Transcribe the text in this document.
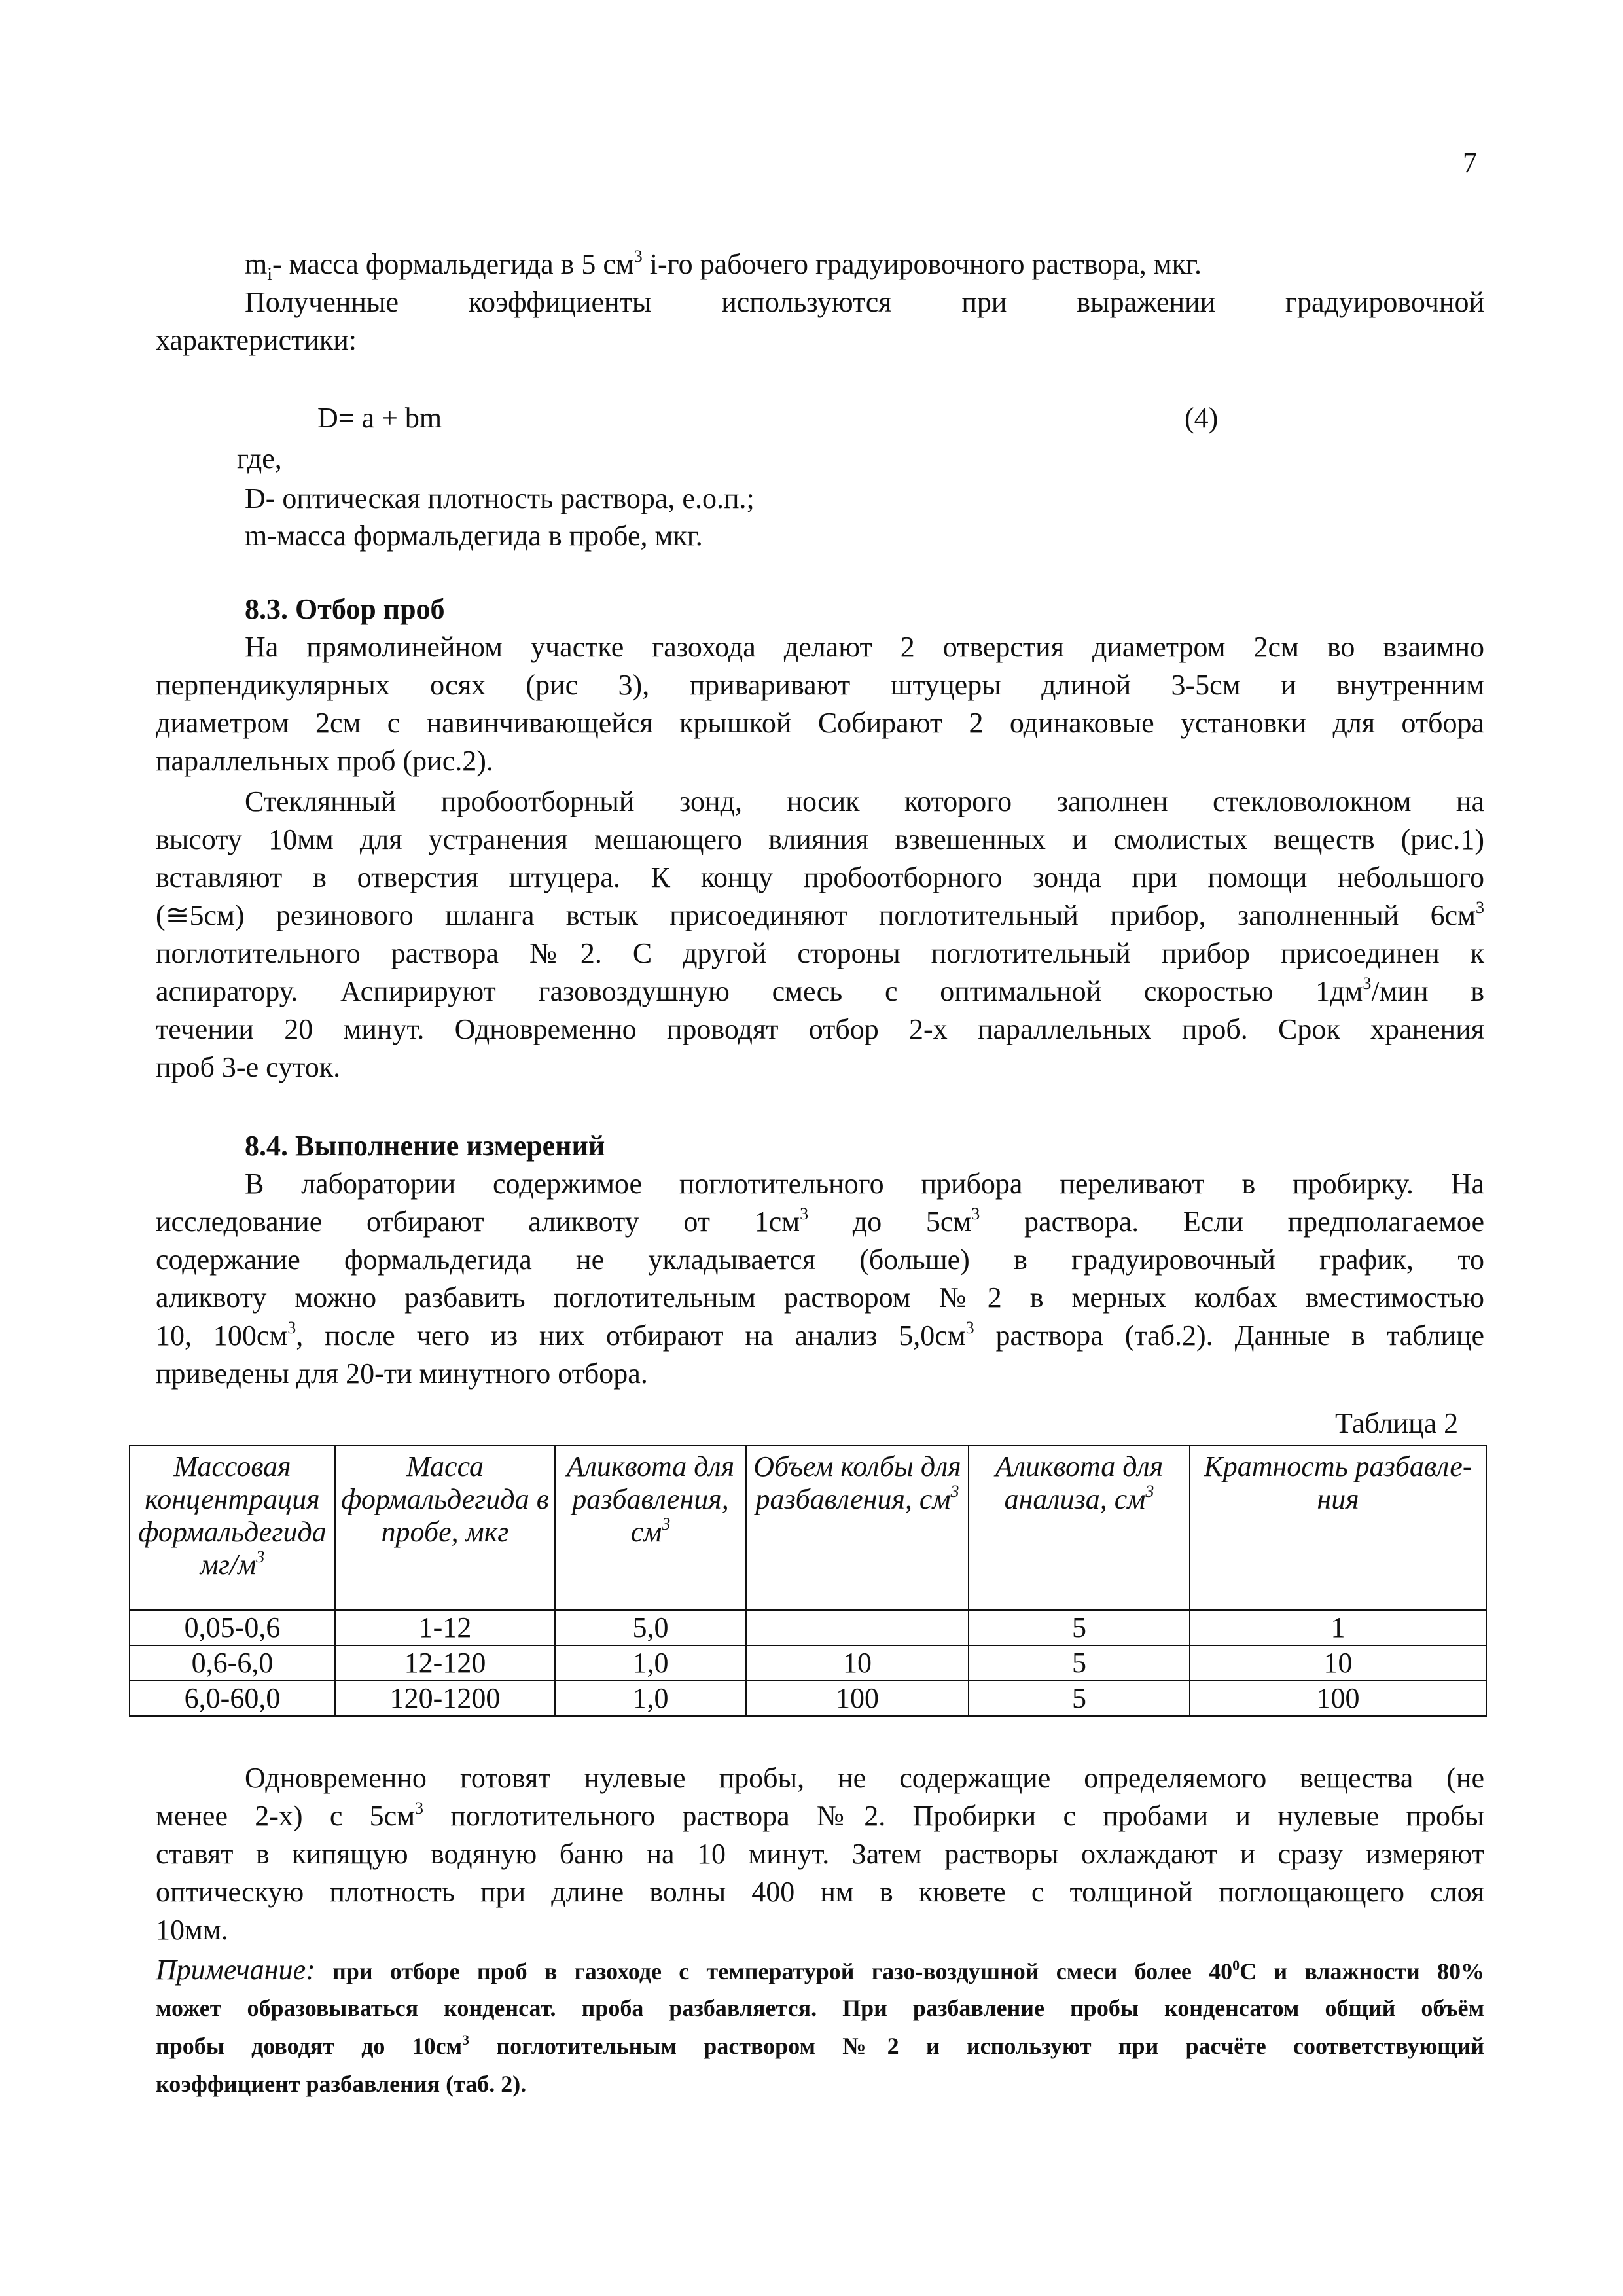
7
$m_i-$ масса формальдегида в 5 $см^3$ i-го рабочего градуировочного раствора, мкг.
Полученные коэффициенты используются при выражении градуировочной
характеристики:
D= a + bm	(4)
где,
D- оптическая плотность раствора, е.о.п.;
m-масса формальдегида в пробе, мкг.
8.3. Отбор проб
На прямолинейном участке газохода делают 2 отверстия диаметром 2см во взаимно
перпендикулярных осях (рис 3), приваривают штуцеры длиной 3-5см и внутренним
диаметром 2см с навинчивающейся крышкой Собирают 2 одинаковые установки для отбора
параллельных проб (рис.2).
Стеклянный пробоотборный зонд, носик которого заполнен стекловолокном на
высоту 10мм для устранения мешающего влияния взвешенных и смолистых веществ (рис.1)
вставляют в отверстия штуцера. К концу пробоотборного зонда при помощи небольшого
(≅5см) резинового шланга встык присоединяют поглотительный прибор, заполненный $6см^3$
поглотительного раствора №2. С другой стороны поглотительный прибор присоединен к
аспиратору. Аспирируют газовоздушную смесь с оптимальной скоростью $1дм^3$/мин в
течении 20 минут. Одновременно проводят отбор 2-х параллельных проб. Срок хранения
проб 3-е суток.
8.4. Выполнение измерений
В лаборатории содержимое поглотительного прибора переливают в пробирку. На
исследование отбирают аликвоту от $1см^3$ до $5см^3$ раствора. Если предполагаемое
содержание формальдегида не укладывается (больше) в градуировочный график, то
аликвоту можно разбавить поглотительным раствором №2 в мерных колбах вместимостью
10, $100см^3$, после чего из них отбирают на анализ $5,0см^3$ раствора (таб.2). Данные в таблице
приведены для 20-ти минутного отбора.
Таблица 2
Массовая концентрация формальдегида $мг/м^3$	Масса формальдегида в пробе, мкг	Аликвота для разбавления, $см^3$	Объем колбы для разбавления, $см^3$	Аликвота для анализа, $см^3$	Кратность разбавле-ния
0,05-0,6	1-12	5,0		5	1
0,6-6,0	12-120	1,0	10	5	10
6,0-60,0	120-1200	1,0	100	5	100
Одновременно готовят нулевые пробы, не содержащие определяемого вещества (не
менее 2-х) с $5см^3$ поглотительного раствора №2. Пробирки с пробами и нулевые пробы
ставят в кипящую водяную баню на 10 минут. Затем растворы охлаждают и сразу измеряют
оптическую плотность при длине волны 400 нм в кювете с толщиной поглощающего слоя
10мм.
Примечание: при отборе проб в газоходе с температурой газо-воздушной смеси более $40^0С$ и влажности 80%
может образовываться конденсат. проба разбавляется. При разбавление пробы конденсатом общий объём
пробы доводят до $10см^3$ поглотительным раствором №2 и используют при расчёте соответствующий
коэффициент разбавления (таб. 2).
